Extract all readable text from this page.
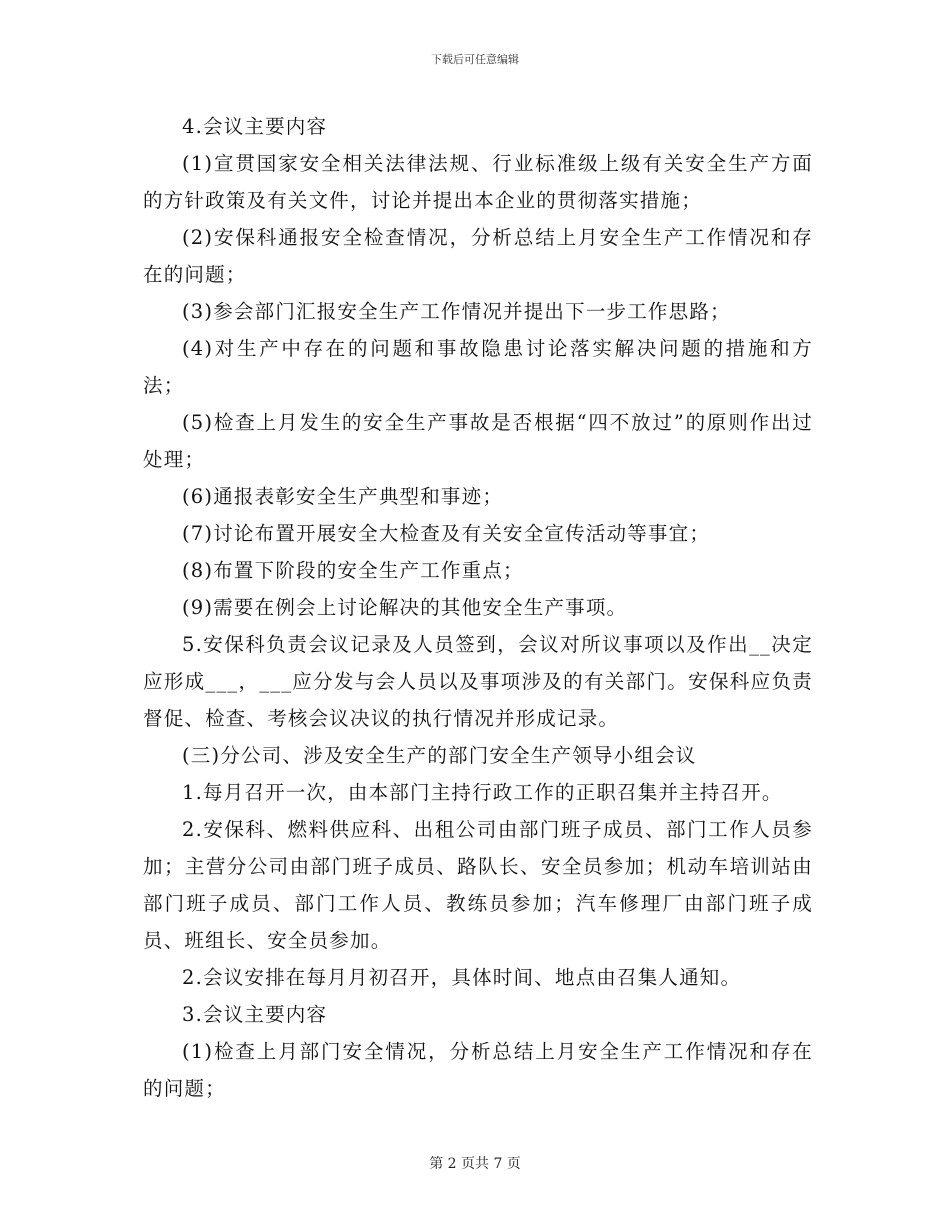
下载后可任意编辑

4.会议主要内容

(1)宣贯国家安全相关法律法规、行业标准级上级有关安全生产方面的方针政策及有关文件，讨论并提出本企业的贯彻落实措施；

(2)安保科通报安全检查情况，分析总结上月安全生产工作情况和存在的问题；

(3)参会部门汇报安全生产工作情况并提出下一步工作思路；

(4)对生产中存在的问题和事故隐患讨论落实解决问题的措施和方法；

(5)检查上月发生的安全生产事故是否根据“四不放过”的原则作出过处理；

(6)通报表彰安全生产典型和事迹；

(7)讨论布置开展安全大检查及有关安全宣传活动等事宜；

(8)布置下阶段的安全生产工作重点；

(9)需要在例会上讨论解决的其他安全生产事项。

5.安保科负责会议记录及人员签到，会议对所议事项以及作出__决定应形成___，___应分发与会人员以及事项涉及的有关部门。安保科应负责督促、检查、考核会议决议的执行情况并形成记录。

(三)分公司、涉及安全生产的部门安全生产领导小组会议

1.每月召开一次，由本部门主持行政工作的正职召集并主持召开。

2.安保科、燃料供应科、出租公司由部门班子成员、部门工作人员参加；主营分公司由部门班子成员、路队长、安全员参加；机动车培训站由部门班子成员、部门工作人员、教练员参加；汽车修理厂由部门班子成员、班组长、安全员参加。

2.会议安排在每月月初召开，具体时间、地点由召集人通知。

3.会议主要内容

(1)检查上月部门安全情况，分析总结上月安全生产工作情况和存在的问题；

第 2 页共 7 页
